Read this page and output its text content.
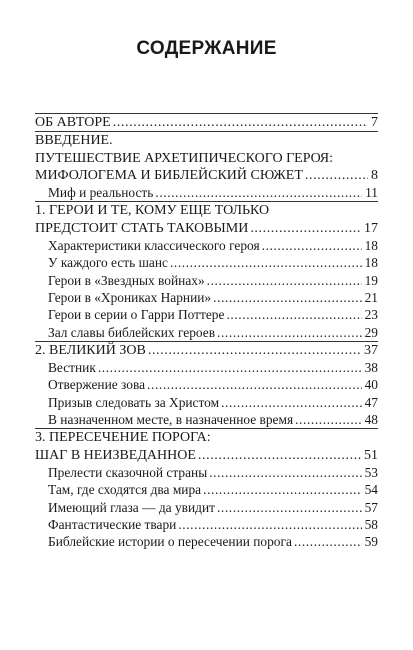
СОДЕРЖАНИЕ
ОБ АВТОРЕ .....	7
ВВЕДЕНИЕ.
ПУТЕШЕСТВИЕ АРХЕТИПИЧЕСКОГО ГЕРОЯ:
МИФОЛОГЕМА И БИБЛЕЙСКИЙ СЮЖЕТ .....	8
Миф и реальность .....	11
1. ГЕРОИ И ТЕ, КОМУ ЕЩЕ ТОЛЬКО
ПРЕДСТОИТ СТАТЬ ТАКОВЫМИ .....	17
Характеристики классического героя .....	18
У каждого есть шанс .....	18
Герои в «Звездных войнах» .....	19
Герои в «Хрониках Нарнии» .....	21
Герои в серии о Гарри Поттере .....	23
Зал славы библейских героев .....	29
2. ВЕЛИКИЙ ЗОВ .....	37
Вестник .....	38
Отвержение зова .....	40
Призыв следовать за Христом .....	47
В назначенном месте, в назначенное время .....	48
3. ПЕРЕСЕЧЕНИЕ ПОРОГА:
ШАГ В НЕИЗВЕДАННОЕ .....	51
Прелести сказочной страны .....	53
Там, где сходятся два мира .....	54
Имеющий глаза — да увидит .....	57
Фантастические твари .....	58
Библейские истории о пересечении порога .....	59
